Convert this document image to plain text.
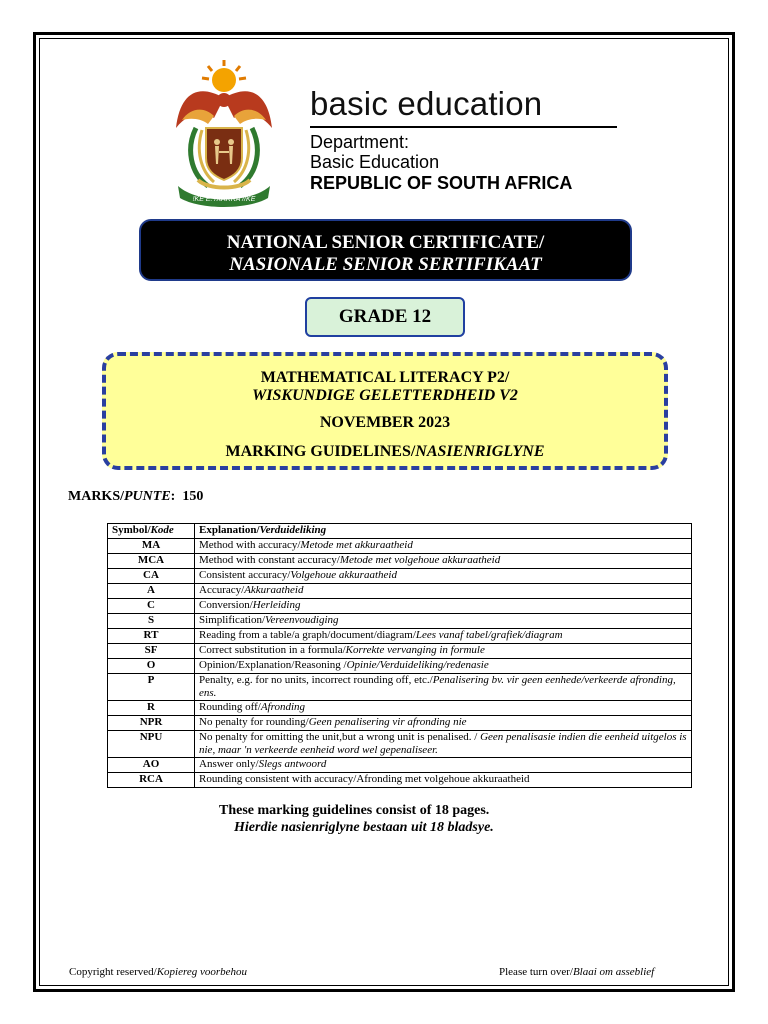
!KE E: /XARRA //KE
basic education
Department:
Basic Education
REPUBLIC OF SOUTH AFRICA
NATIONAL SENIOR CERTIFICATE/
NASIONALE SENIOR SERTIFIKAAT
GRADE 12
MATHEMATICAL LITERACY P2/
WISKUNDIGE GELETTERDHEID V2
NOVEMBER 2023
MARKING GUIDELINES/NASIENRIGLYNE
MARKS/PUNTE:  150
Symbol/Kode	Explanation/Verduideliking
MA	Method with accuracy/Metode met akkuraatheid
MCA	Method with constant accuracy/Metode met volgehoue akkuraatheid
CA	Consistent accuracy/Volgehoue akkuraatheid
A	Accuracy/Akkuraatheid
C	Conversion/Herleiding
S	Simplification/Vereenvoudiging
RT	Reading from a table/a graph/document/diagram/Lees vanaf tabel/grafiek/diagram
SF	Correct substitution in a formula/Korrekte vervanging in formule
O	Opinion/Explanation/Reasoning /Opinie/Verduideliking/redenasie
P	Penalty, e.g. for no units, incorrect rounding off, etc./Penalisering bv. vir geen eenhede/verkeerde afronding, ens.
R	Rounding off/Afronding
NPR	No penalty for rounding/Geen penalisering vir afronding nie
NPU	No penalty for omitting the unit,but a wrong unit is penalised. / Geen penalisasie indien die eenheid uitgelos is nie, maar 'n verkeerde eenheid word wel gepenaliseer.
AO	Answer only/Slegs antwoord
RCA	Rounding consistent with accuracy/Afronding met volgehoue akkuraatheid
These marking guidelines consist of 18 pages.
Hierdie nasienriglyne bestaan uit 18 bladsye.
Copyright reserved/Kopiereg voorbehou	Please turn over/Blaai om asseblief
